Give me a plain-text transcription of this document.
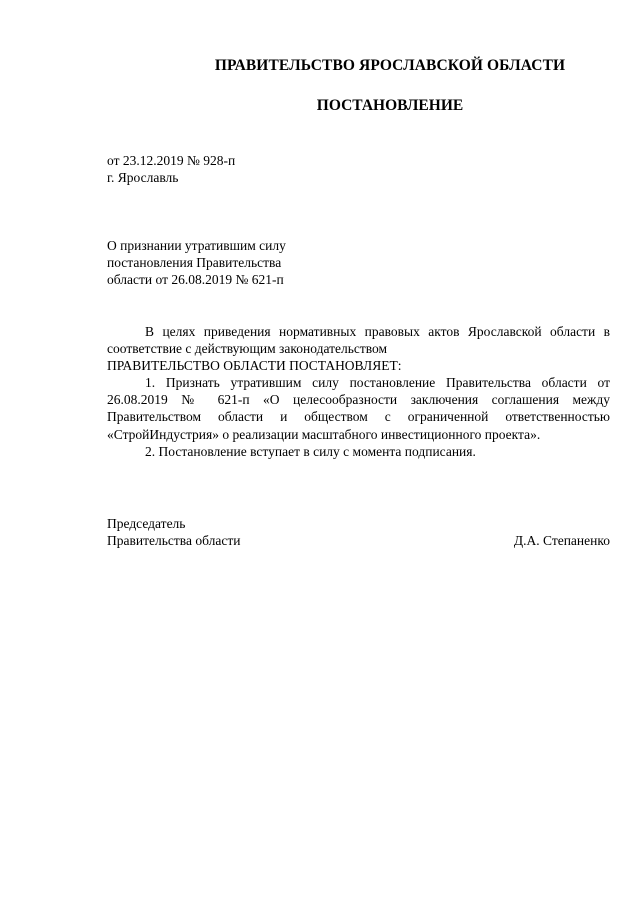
ПРАВИТЕЛЬСТВО ЯРОСЛАВСКОЙ ОБЛАСТИ
ПОСТАНОВЛЕНИЕ
от 23.12.2019 № 928-п
г. Ярославль
О признании утратившим силу
постановления Правительства
области от 26.08.2019 № 621-п

В целях приведения нормативных правовых актов Ярославской области в соответствие с действующим законодательством

ПРАВИТЕЛЬСТВО ОБЛАСТИ ПОСТАНОВЛЯЕТ:

1. Признать утратившим силу постановление Правительства области от 26.08.2019 № 621-п «О целесообразности заключения соглашения между Правительством области и обществом с ограниченной ответственностью «СтройИндустрия» о реализации масштабного инвестиционного проекта».

2. Постановление вступает в силу с момента подписания.

Председатель
Правительства области	Д.А. Степаненко
